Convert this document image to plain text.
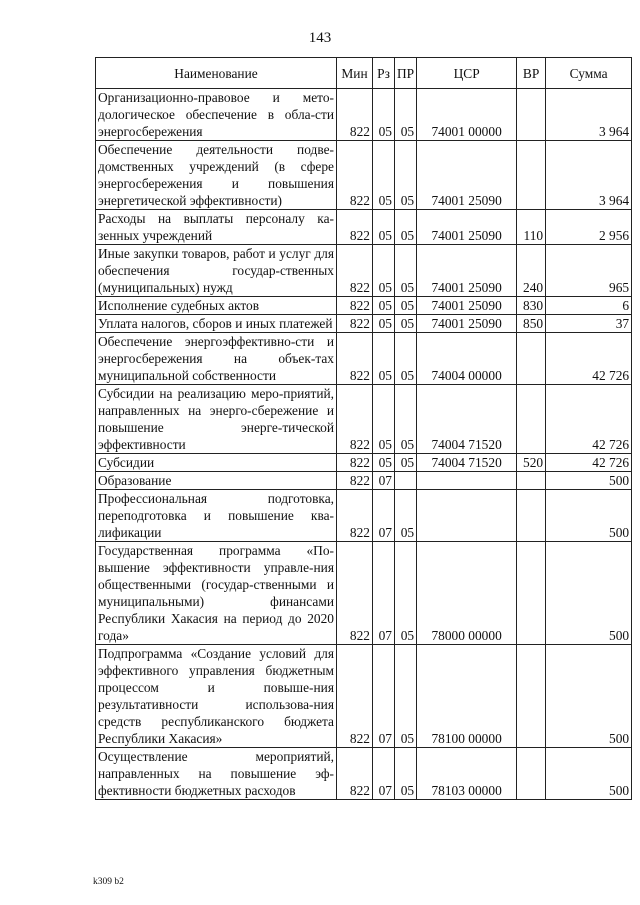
143
Наименование	Мин	Рз	ПР	ЦСР	ВР	Сумма
Организационно-правовое и мето-дологическое обеспечение в обла-сти энергосбережения	822	05	05	74001 00000		3 964
Обеспечение деятельности подве-домственных учреждений (в сфере энергосбережения и повышения энергетической эффективности)	822	05	05	74001 25090		3 964
Расходы на выплаты персоналу ка-зенных учреждений	822	05	05	74001 25090	110	2 956
Иные закупки товаров, работ и услуг для обеспечения государ-ственных (муниципальных) нужд	822	05	05	74001 25090	240	965
Исполнение судебных актов	822	05	05	74001 25090	830	6
Уплата налогов, сборов и иных платежей	822	05	05	74001 25090	850	37
Обеспечение энергоэффективно-сти и энергосбережения на объек-тах муниципальной собственности	822	05	05	74004 00000		42 726
Субсидии на реализацию меро-приятий, направленных на энерго-сбережение и повышение энерге-тической эффективности	822	05	05	74004 71520		42 726
Субсидии	822	05	05	74004 71520	520	42 726
Образование	822	07				500
Профессиональная подготовка, переподготовка и повышение ква-лификации	822	07	05			500
Государственная программа «По-вышение эффективности управле-ния общественными (государ-ственными и муниципальными) финансами Республики Хакасия на период до 2020 года»	822	07	05	78000 00000		500
Подпрограмма «Создание условий для эффективного управления бюджетным процессом и повыше-ния результативности использова-ния средств республиканского бюджета Республики Хакасия»	822	07	05	78100 00000		500
Осуществление мероприятий, направленных на повышение эф-фективности бюджетных расходов	822	07	05	78103 00000		500
k309 b2
